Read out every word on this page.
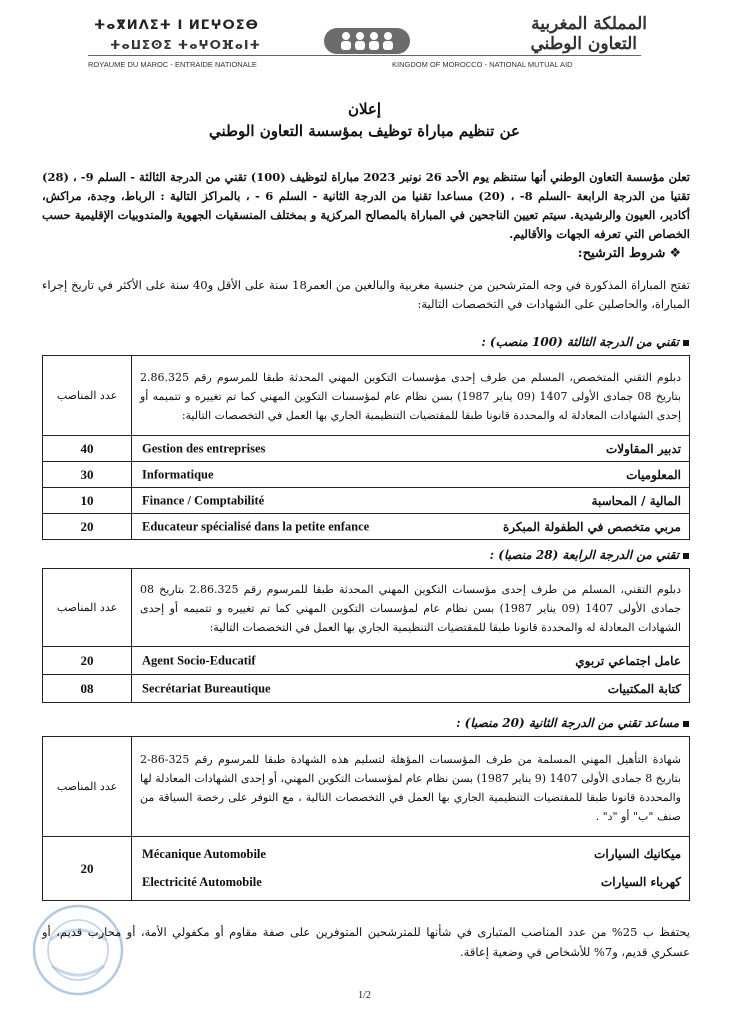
ⵜⴰⴳⵍⴷⵉⵜ ⵏ ⵍⵎⵖⵔⵉⴱ
ⵜⴰⵡⵉⵙⵉ ⵜⴰⵖⵔⴼⴰⵏⵜ
المملكة المغربية
التعاون الوطني
ROYAUME DU MAROC - ENTRAIDE NATIONALE	KINGDOM OF MOROCCO - NATIONAL MUTUAL AID
إعلان
عن تنظيم مباراة توظيف بمؤسسة التعاون الوطني
تعلن مؤسسة التعاون الوطني أنها ستنظم يوم الأحد 26 نونبر 2023 مباراة لتوظيف (100) تقني من الدرجة الثالثة - السلم 9- ، (28) تقنيا من الدرجة الرابعة -السلم 8- ، (20) مساعدا تقنيا من الدرجة الثانية - السلم 6 - ، بالمراكز التالية : الرباط، وجدة، مراكش، أكادير، العيون والرشيدية. سيتم تعيين الناجحين في المباراة بالمصالح المركزية و بمختلف المنسقيات الجهوية والمندوبيات الإقليمية حسب الخصاص التي تعرفه الجهات والأقاليم.
❖شروط الترشيح:
تفتح المباراة المذكورة في وجه المترشحين من جنسية مغربية والبالغين من العمر18 سنة على الأقل و40 سنة على الأكثر في تاريخ إجراء المباراة، والحاصلين على الشهادات في التخصصات التالية:
تقني من الدرجة الثالثة (100 منصب) :
عدد المناصب	دبلوم التقني المتخصص، المسلم من طرف إحدى مؤسسات التكوين المهني المحدثة طبقا للمرسوم رقم 2.86.325 بتاريخ 08 جمادى الأولى 1407 (09 يناير 1987) بسن نظام عام لمؤسسات التكوين المهني كما تم تغييره و تتميمه أو إحدى الشهادات المعادلة له والمحددة قانونا طبقا للمقتضيات التنظيمية الجاري بها العمل في التخصصات التالية:
40	Gestion des entreprises تدبير المقاولات

30	Informatique المعلوميات

10	Finance / Comptabilité المالية / المحاسبة

20	Educateur spécialisé dans la petite enfance مربي متخصص في الطفولة المبكرة
تقني من الدرجة الرابعة (28 منصبا) :
عدد المناصب	دبلوم التقني، المسلم من طرف إحدى مؤسسات التكوين المهني المحدثة طبقا للمرسوم رقم 2.86.325 بتاريخ 08 جمادى الأولى 1407 (09 يناير 1987) بسن نظام عام لمؤسسات التكوين المهني كما تم تغييره و تتميمه أو إحدى الشهادات المعادلة له والمحددة قانونا طبقا للمقتضيات التنظيمية الجاري بها العمل في التخصصات التالية:
20	Agent Socio-Educatif عامل اجتماعي تربوي

08	Secrétariat Bureautique كتابة المكتبيات
مساعد تقني من الدرجة الثانية (20 منصبا) :
عدد المناصب	شهادة التأهيل المهني المسلمة من طرف المؤسسات المؤهلة لتسليم هذه الشهادة طبقا للمرسوم رقم 325-86-2 بتاريخ 8 جمادى الأولى 1407 (9 يناير 1987) بسن نظام عام لمؤسسات التكوين المهني، أو إحدى الشهادات المعادلة لها والمحددة قانونا طبقا للمقتضيات التنظيمية الجاري بها العمل في التخصصات التالية ، مع التوفر على رخصة السياقة من صنف "ب" أو "د" .
20	Mécanique Automobile ميكانيك السيارات
Electricité Automobile كهرباء السيارات
يحتفظ ب 25% من عدد المناصب المتبارى في شأنها للمترشحين المتوفرين على صفة مقاوم أو مكفولي الأمة، أو محارب قديم، أو عسكري قديم، و7% للأشخاص في وضعية إعاقة.
1/2
